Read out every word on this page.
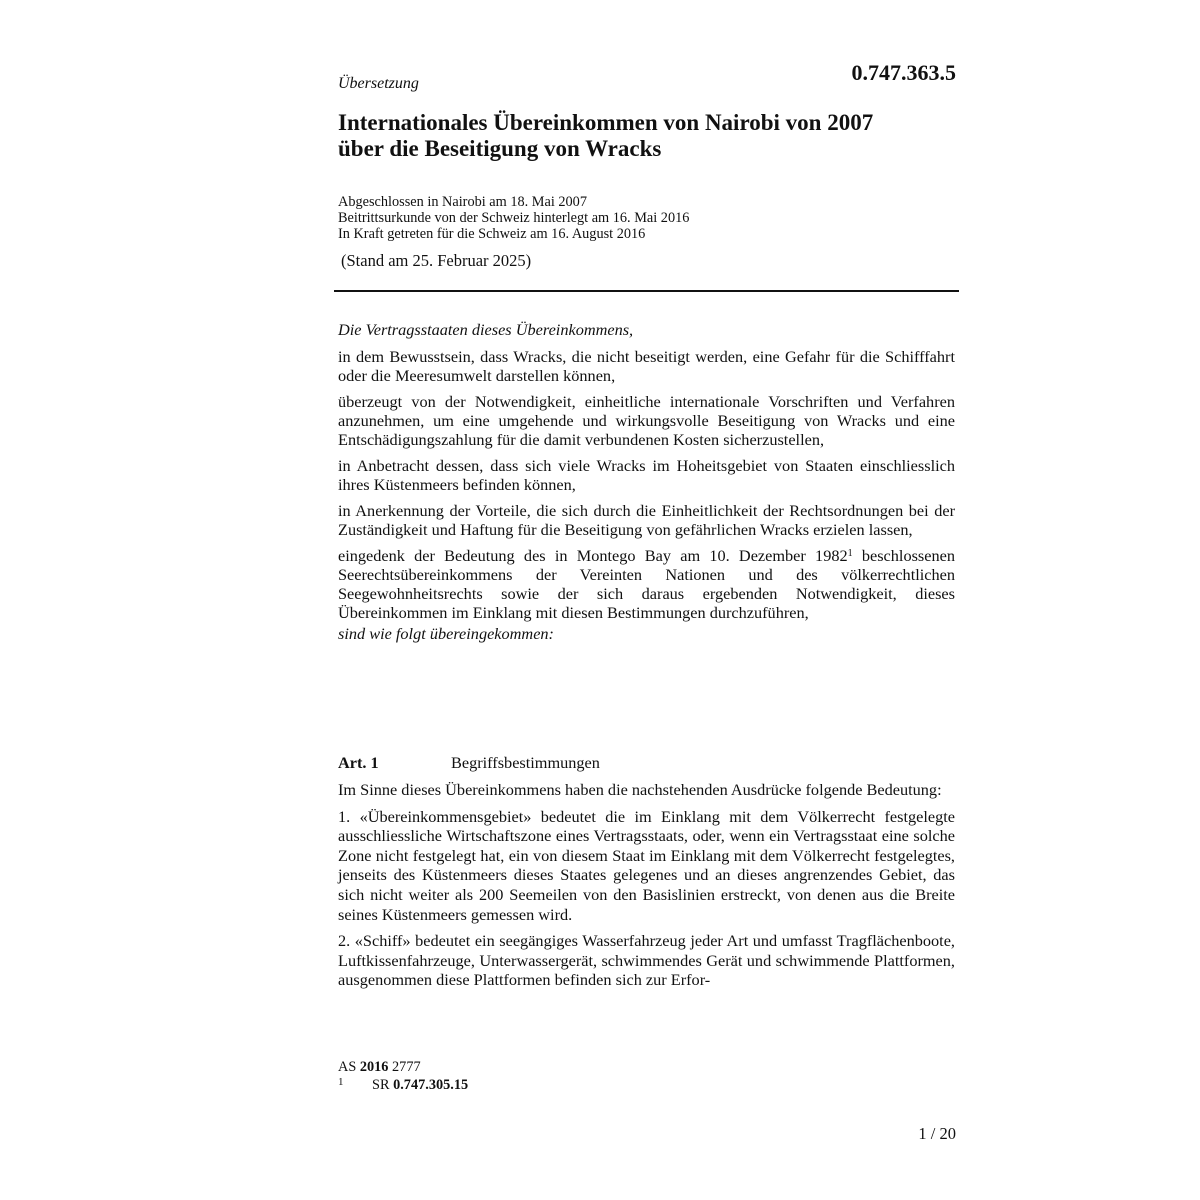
Übersetzung	0.747.363.5
Internationales Übereinkommen von Nairobi von 2007
über die Beseitigung von Wracks
Abgeschlossen in Nairobi am 18. Mai 2007
Beitrittsurkunde von der Schweiz hinterlegt am 16. Mai 2016
In Kraft getreten für die Schweiz am 16. August 2016
(Stand am 25. Februar 2025)

Die Vertragsstaaten dieses Übereinkommens,

in dem Bewusstsein, dass Wracks, die nicht beseitigt werden, eine Gefahr für die Schifffahrt oder die Meeresumwelt darstellen können,

überzeugt von der Notwendigkeit, einheitliche internationale Vorschriften und Verfahren anzunehmen, um eine umgehende und wirkungsvolle Beseitigung von Wracks und eine Entschädigungszahlung für die damit verbundenen Kosten sicherzustellen,

in Anbetracht dessen, dass sich viele Wracks im Hoheitsgebiet von Staaten einschliesslich ihres Küstenmeers befinden können,

in Anerkennung der Vorteile, die sich durch die Einheitlichkeit der Rechtsordnungen bei der Zuständigkeit und Haftung für die Beseitigung von gefährlichen Wracks erzielen lassen,

eingedenk der Bedeutung des in Montego Bay am 10. Dezember 1982$^1$ beschlossenen Seerechtsübereinkommens der Vereinten Nationen und des völkerrechtlichen Seegewohnheitsrechts sowie der sich daraus ergebenden Notwendigkeit, dieses Übereinkommen im Einklang mit diesen Bestimmungen durchzuführen,

sind wie folgt übereingekommen:

Art. 1	Begriffsbestimmungen

Im Sinne dieses Übereinkommens haben die nachstehenden Ausdrücke folgende Bedeutung:

1. «Übereinkommensgebiet» bedeutet die im Einklang mit dem Völkerrecht festgelegte ausschliessliche Wirtschaftszone eines Vertragsstaats, oder, wenn ein Vertragsstaat eine solche Zone nicht festgelegt hat, ein von diesem Staat im Einklang mit dem Völkerrecht festgelegtes, jenseits des Küstenmeers dieses Staates gelegenes und an dieses angrenzendes Gebiet, das sich nicht weiter als 200 Seemeilen von den Basislinien erstreckt, von denen aus die Breite seines Küstenmeers gemessen wird.

2. «Schiff» bedeutet ein seegängiges Wasserfahrzeug jeder Art und umfasst Tragflächenboote, Luftkissenfahrzeuge, Unterwassergerät, schwimmendes Gerät und schwimmende Plattformen, ausgenommen diese Plattformen befinden sich zur Erfor-

AS 2016 2777
1 SR 0.747.305.15
1 / 20
